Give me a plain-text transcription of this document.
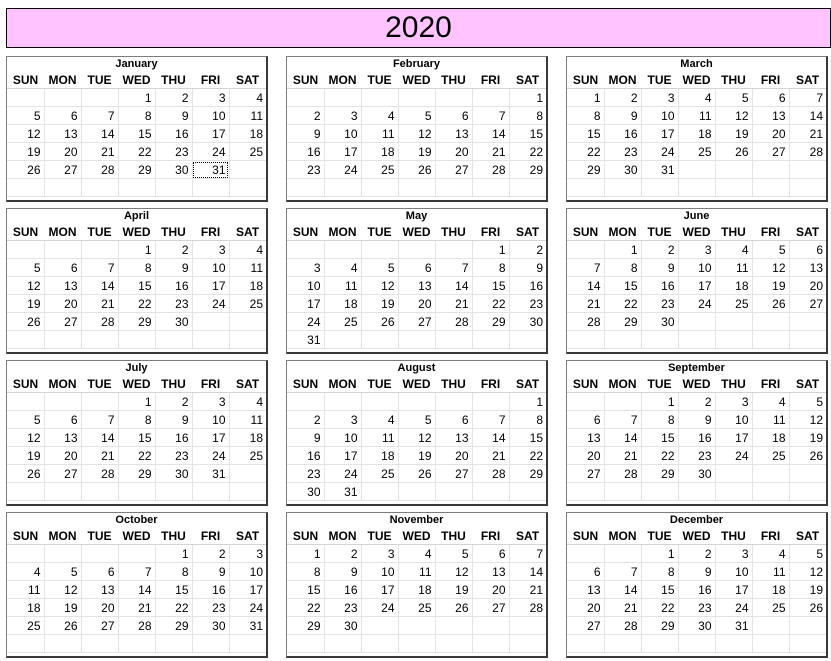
2020
January
SUN	MON	TUE	WED	THU	FRI	SAT
			1	2	3	4
5	6	7	8	9	10	11
12	13	14	15	16	17	18
19	20	21	22	23	24	25
26	27	28	29	30	31	

February
SUN	MON	TUE	WED	THU	FRI	SAT
						1
2	3	4	5	6	7	8
9	10	11	12	13	14	15
16	17	18	19	20	21	22
23	24	25	26	27	28	29

March
SUN	MON	TUE	WED	THU	FRI	SAT
1	2	3	4	5	6	7
8	9	10	11	12	13	14
15	16	17	18	19	20	21
22	23	24	25	26	27	28
29	30	31				

April
SUN	MON	TUE	WED	THU	FRI	SAT
			1	2	3	4
5	6	7	8	9	10	11
12	13	14	15	16	17	18
19	20	21	22	23	24	25
26	27	28	29	30		

May
SUN	MON	TUE	WED	THU	FRI	SAT
					1	2
3	4	5	6	7	8	9
10	11	12	13	14	15	16
17	18	19	20	21	22	23
24	25	26	27	28	29	30
31						
June
SUN	MON	TUE	WED	THU	FRI	SAT
	1	2	3	4	5	6
7	8	9	10	11	12	13
14	15	16	17	18	19	20
21	22	23	24	25	26	27
28	29	30				

July
SUN	MON	TUE	WED	THU	FRI	SAT
			1	2	3	4
5	6	7	8	9	10	11
12	13	14	15	16	17	18
19	20	21	22	23	24	25
26	27	28	29	30	31	

August
SUN	MON	TUE	WED	THU	FRI	SAT
						1
2	3	4	5	6	7	8
9	10	11	12	13	14	15
16	17	18	19	20	21	22
23	24	25	26	27	28	29
30	31					
September
SUN	MON	TUE	WED	THU	FRI	SAT
		1	2	3	4	5
6	7	8	9	10	11	12
13	14	15	16	17	18	19
20	21	22	23	24	25	26
27	28	29	30			

October
SUN	MON	TUE	WED	THU	FRI	SAT
				1	2	3
4	5	6	7	8	9	10
11	12	13	14	15	16	17
18	19	20	21	22	23	24
25	26	27	28	29	30	31

November
SUN	MON	TUE	WED	THU	FRI	SAT
1	2	3	4	5	6	7
8	9	10	11	12	13	14
15	16	17	18	19	20	21
22	23	24	25	26	27	28
29	30					

December
SUN	MON	TUE	WED	THU	FRI	SAT
		1	2	3	4	5
6	7	8	9	10	11	12
13	14	15	16	17	18	19
20	21	22	23	24	25	26
27	28	29	30	31		
